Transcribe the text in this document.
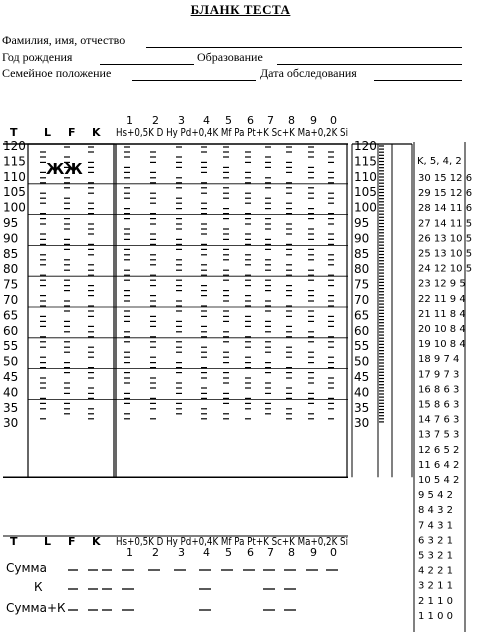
БЛАНК ТЕСТА
Фамилия, имя, отчество
Год рождения	Образование
Семейное положение	Дата обследования
1 2 3 4 5 6 7 8 9 0
Hs+0,5K D Hy Pd+0,4K Mf Pa Pt+K Sc+K Ma+0,2K Si
T L F K
120
115
110
105
100
95
90
85
80
75
70
65
60
55
50
45
40
35
30
120
115
110
105
100
95
90
85
80
75
70
65
60
55
50
45
40
35
30
ЖЖ	K, 5, 4, 2
30 15 12 6
29 15 12 6
28 14 11 6
27 14 11 5
26 13 10 5
25 13 10 5
24 12 10 5
23 12 9 5
22 11 9 4
21 11 8 4
20 10 8 4
19 10 8 4
18 9 7 4
17 9 7 3
16 8 6 3
15 8 6 3
14 7 6 3
13 7 5 3
12 6 5 2
11 6 4 2
10 5 4 2
9 5 4 2
8 4 3 2
7 4 3 1
6 3 2 1
5 3 2 1
4 2 2 1
3 2 1 1
2 1 1 0
1 1 0 0
T L F K Hs+0,5K D Hy Pd+0,4K Mf Pa Pt+K Sc+K Ma+0,2K Si
1 2 3 4 5 6 7 8 9 0
Сумма
К
Сумма+К
